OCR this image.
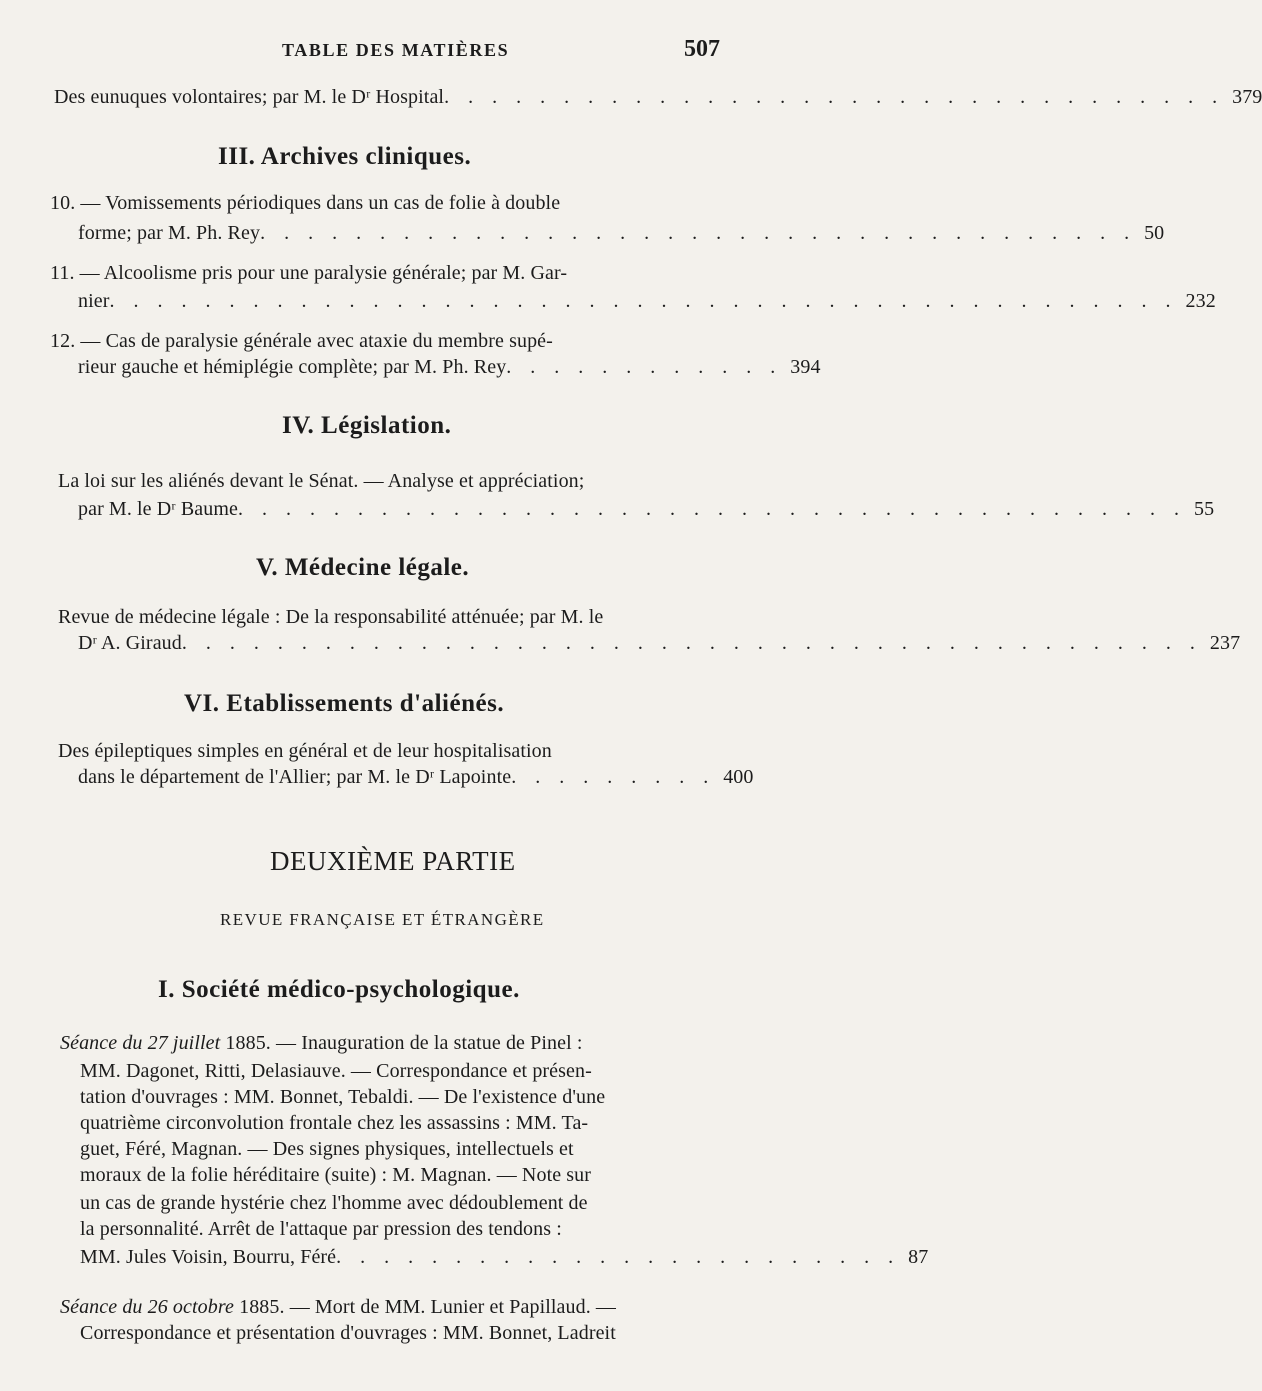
TABLE DES MATIÈRES	507
Des eunuques volontaires; par M. le Dʳ Hospital . . . . . . . . . . . . . . . . . . . . . . . . . . . . . . . . . 379
III. Archives cliniques.
10. — Vomissements périodiques dans un cas de folie à double
forme; par M. Ph. Rey . . . . . . . . . . . . . . . . . . . . . . . . . . . . . . . . . . . . . 50
11. — Alcoolisme pris pour une paralysie générale; par M. Gar-
nier . . . . . . . . . . . . . . . . . . . . . . . . . . . . . . . . . . . . . . . . . . . . . 232
12. — Cas de paralysie générale avec ataxie du membre supé-
rieur gauche et hémiplégie complète; par M. Ph. Rey . . . . . . . . . . . . 394
IV. Législation.
La loi sur les aliénés devant le Sénat. — Analyse et appréciation;
par M. le Dʳ Baume . . . . . . . . . . . . . . . . . . . . . . . . . . . . . . . . . . . . . . . . 55
V. Médecine légale.
Revue de médecine légale : De la responsabilité atténuée; par M. le
Dʳ A. Giraud . . . . . . . . . . . . . . . . . . . . . . . . . . . . . . . . . . . . . . . . . . . 237
VI. Etablissements d'aliénés.
Des épileptiques simples en général et de leur hospitalisation
dans le département de l'Allier; par M. le Dʳ Lapointe . . . . . . . . . 400
DEUXIÈME PARTIE
REVUE FRANÇAISE ET ÉTRANGÈRE
I. Société médico-psychologique.
Séance du 27 juillet 1885. — Inauguration de la statue de Pinel :
MM. Dagonet, Ritti, Delasiauve. — Correspondance et présen-
tation d'ouvrages : MM. Bonnet, Tebaldi. — De l'existence d'une
quatrième circonvolution frontale chez les assassins : MM. Ta-
guet, Féré, Magnan. — Des signes physiques, intellectuels et
moraux de la folie héréditaire (suite) : M. Magnan. — Note sur
un cas de grande hystérie chez l'homme avec dédoublement de
la personnalité. Arrêt de l'attaque par pression des tendons :
MM. Jules Voisin, Bourru, Féré . . . . . . . . . . . . . . . . . . . . . . . . 87
Séance du 26 octobre 1885. — Mort de MM. Lunier et Papillaud. —
Correspondance et présentation d'ouvrages : MM. Bonnet, Ladreit
